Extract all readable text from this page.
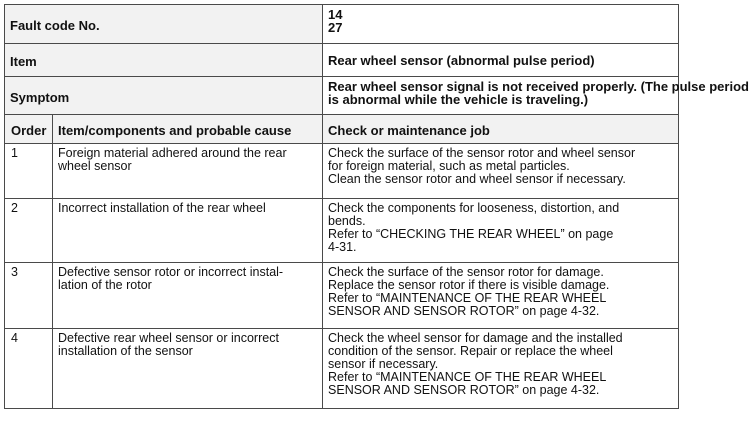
Fault code No.		14
27

Item		Rear wheel sensor (abnormal pulse period)
Symptom		Rear wheel sensor signal is not received properly. (The pulse period
is abnormal while the vehicle is traveling.)

Order	Item/components and probable cause	Check or maintenance job
1	Foreign material adhered around the rear
wheel sensor	Check the surface of the sensor rotor and wheel sensor
for foreign material, such as metal particles.
Clean the sensor rotor and wheel sensor if necessary.

2	Incorrect installation of the rear wheel	Check the components for looseness, distortion, and
bends.
Refer to “CHECKING THE REAR WHEEL” on page
4-31.

3	Defective sensor rotor or incorrect instal-
lation of the rotor	Check the surface of the sensor rotor for damage.
Replace the sensor rotor if there is visible damage.
Refer to “MAINTENANCE OF THE REAR WHEEL
SENSOR AND SENSOR ROTOR” on page 4-32.

4	Defective rear wheel sensor or incorrect
installation of the sensor	Check the wheel sensor for damage and the installed
condition of the sensor. Repair or replace the wheel
sensor if necessary.
Refer to “MAINTENANCE OF THE REAR WHEEL
SENSOR AND SENSOR ROTOR” on page 4-32.
